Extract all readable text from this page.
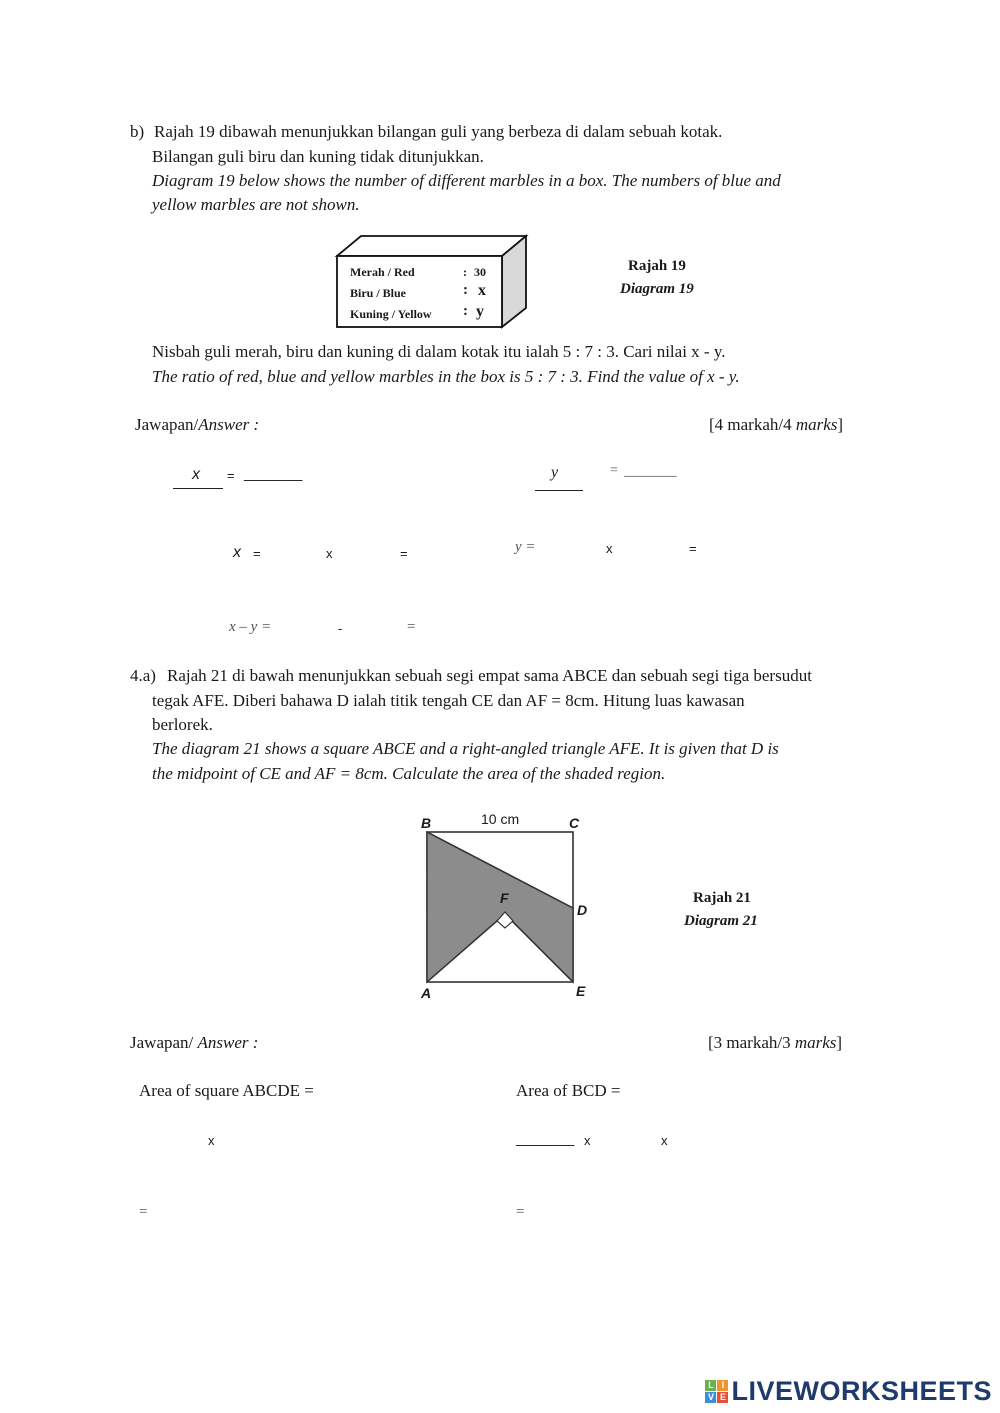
b) Rajah 19 dibawah menunjukkan bilangan guli yang berbeza di dalam sebuah kotak.
Bilangan guli biru dan kuning tidak ditunjukkan.
Diagram 19 below shows the number of different marbles in a box. The numbers of blue and
yellow marbles are not shown.
Merah / Red	: 30
Biru / Blue	: x
Kuning / Yellow : y
Rajah 19
Diagram 19
Nisbah guli merah, biru dan kuning di dalam kotak itu ialah 5 : 7 : 3. Cari nilai x - y.
The ratio of red, blue and yellow marbles in the box is 5 : 7 : 3. Find the value of x - y.
Jawapan/Answer :	[4 markah/4 marks]
x = _______	y	= _______
x =	x	=	y =	x	=
x – y =	-	=
4.a) Rajah 21 di bawah menunjukkan sebuah segi empat sama ABCE dan sebuah segi tiga bersudut
tegak AFE. Diberi bahawa D ialah titik tengah CE dan AF = 8cm. Hitung luas kawasan
berlorek.
The diagram 21 shows a square ABCE and a right-angled triangle AFE. It is given that D is
the midpoint of CE and AF = 8cm. Calculate the area of the shaded region.
10 cm
B	C
F
D
A	E
Rajah 21
Diagram 21
Jawapan/ Answer :	[3 markah/3 marks]
Area of square ABCDE =	Area of BCD =
x	_______ x	x
=	=
L I
V E LIVEWORKSHEETS
